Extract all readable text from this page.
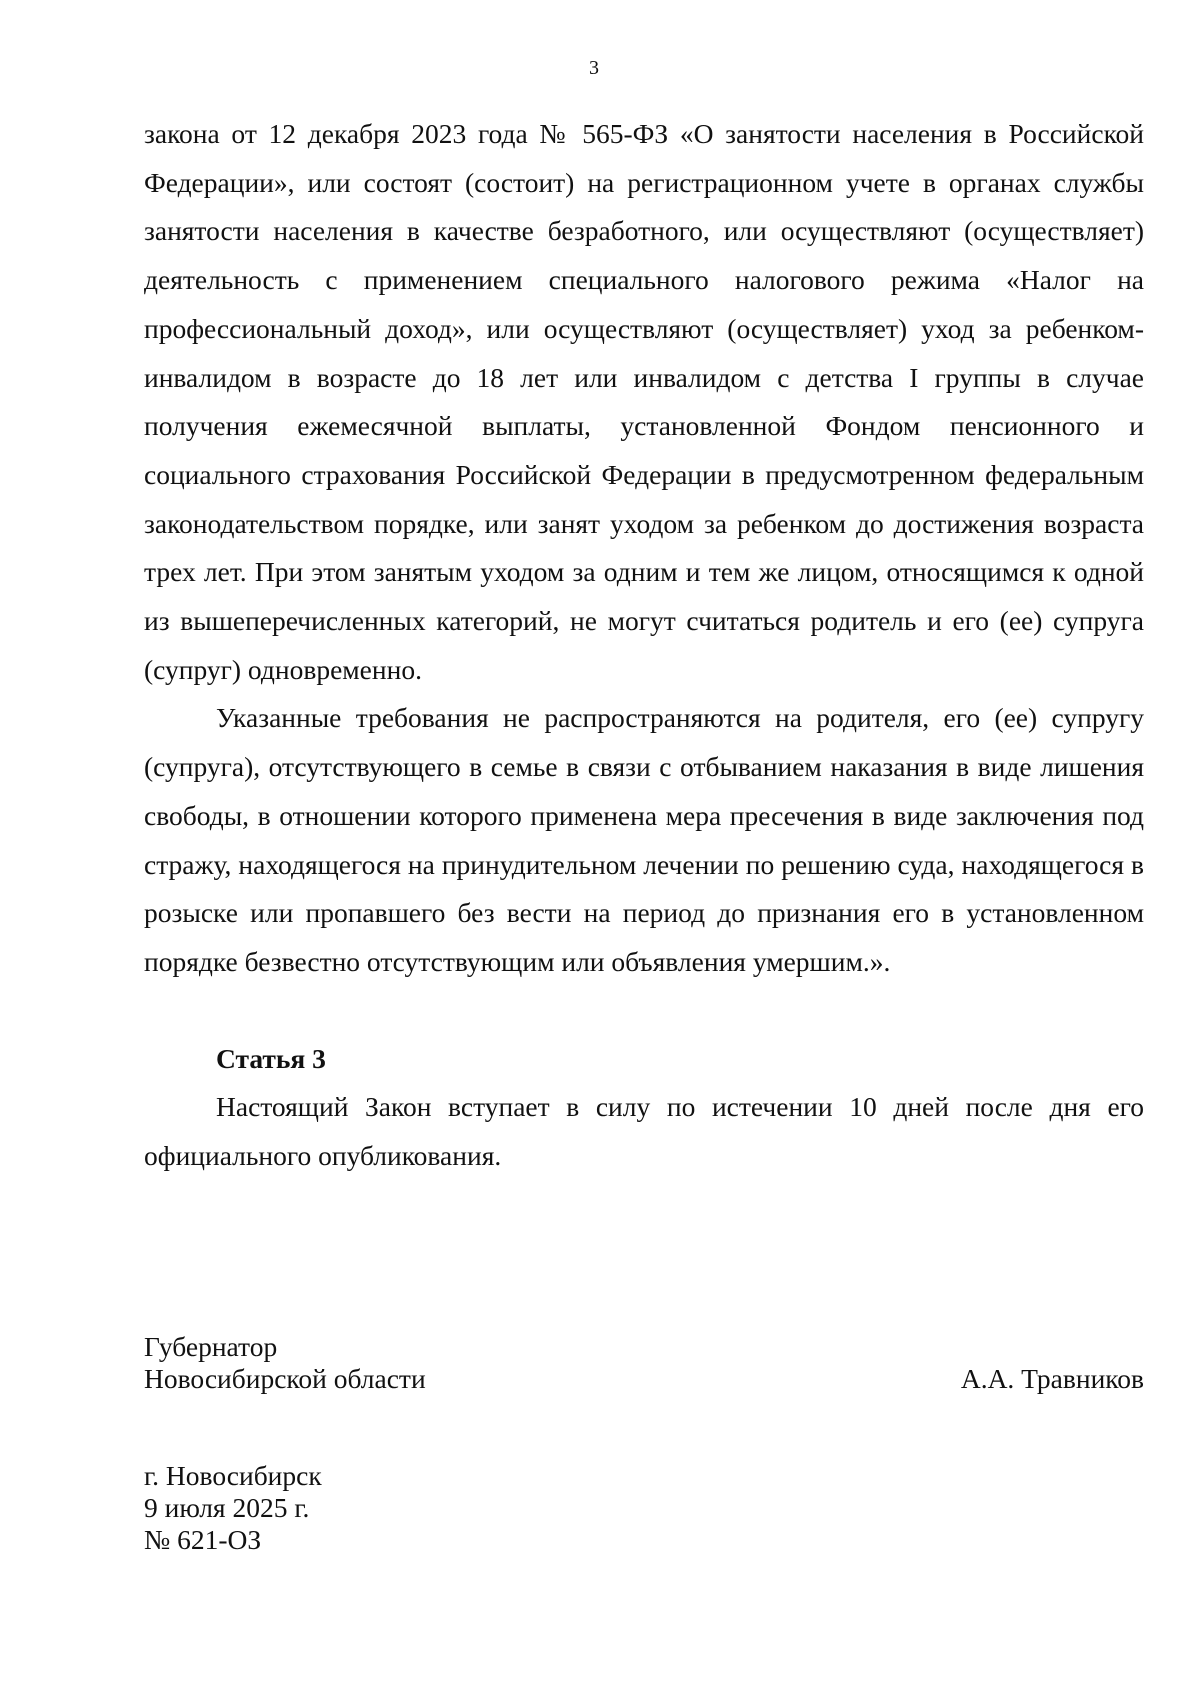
3

закона от 12 декабря 2023 года № 565-ФЗ «О занятости населения в Российской Федерации», или состоят (состоит) на регистрационном учете в органах службы занятости населения в качестве безработного, или осуществляют (осуществляет) деятельность с применением специального налогового режима «Налог на профессиональный доход», или осуществляют (осуществляет) уход за ребенком-инвалидом в возрасте до 18 лет или инвалидом с детства I группы в случае получения ежемесячной выплаты, установленной Фондом пенсионного и социального страхования Российской Федерации в предусмотренном федеральным законодательством порядке, или занят уходом за ребенком до достижения возраста трех лет. При этом занятым уходом за одним и тем же лицом, относящимся к одной из вышеперечисленных категорий, не могут считаться родитель и его (ее) супруга (супруг) одновременно.

Указанные требования не распространяются на родителя, его (ее) супругу (супруга), отсутствующего в семье в связи с отбыванием наказания в виде лишения свободы, в отношении которого применена мера пресечения в виде заключения под стражу, находящегося на принудительном лечении по решению суда, находящегося в розыске или пропавшего без вести на период до признания его в установленном порядке безвестно отсутствующим или объявления умершим.».

Статья 3

Настоящий Закон вступает в силу по истечении 10 дней после дня его официального опубликования.

Губернатор
Новосибирской области	А.А. Травников
г. Новосибирск
9 июля 2025 г.
№ 621-ОЗ
